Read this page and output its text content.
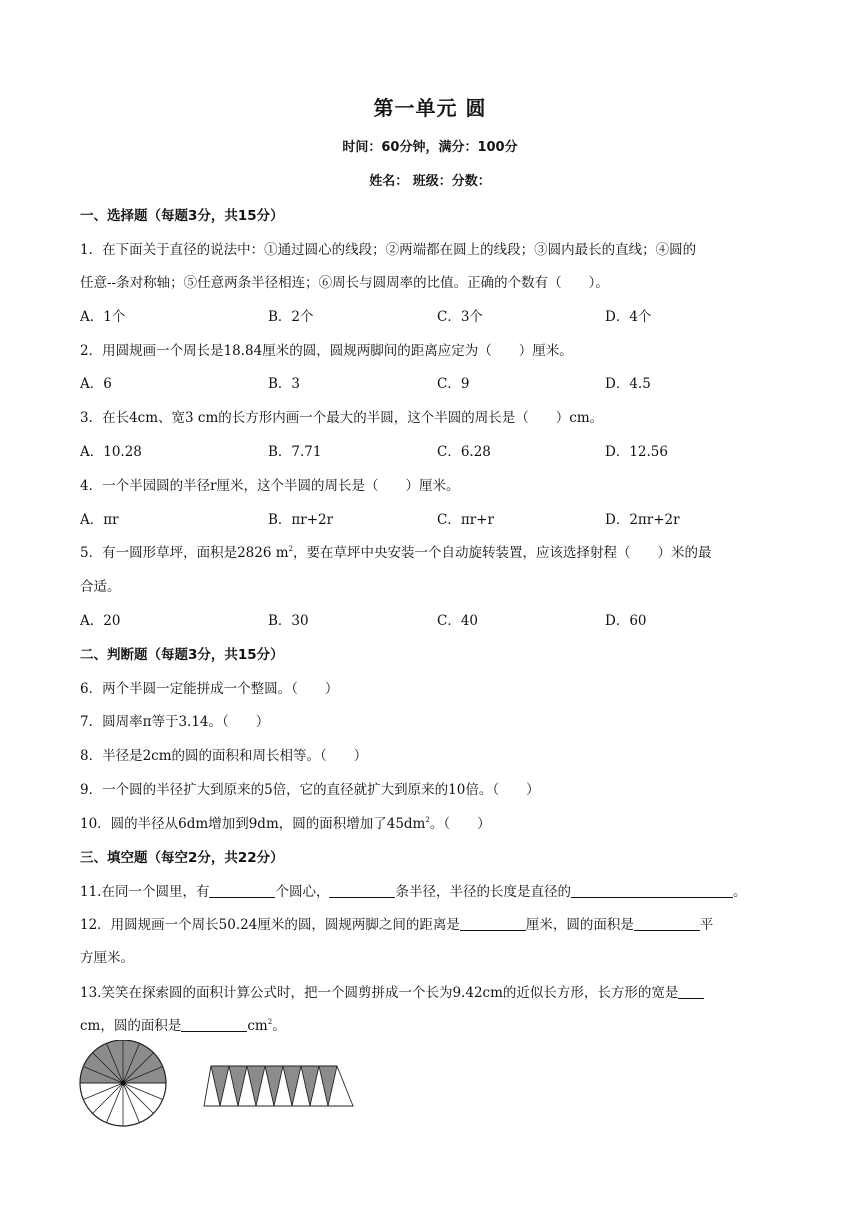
第一单元 圆
时间：60分钟，满分：100分
姓名： 班级：分数：
一、选择题（每题3分，共15分）
1．在下面关于直径的说法中：①通过圆心的线段；②两端都在圆上的线段；③圆内最长的直线；④圆的
任意--条对称轴；⑤任意两条半径相连；⑥周长与圆周率的比值。正确的个数有（　　）。
A．1个	B．2个	C．3个	D．4个
2．用圆规画一个周长是18.84厘米的圆，圆规两脚间的距离应定为（　　）厘米。
A．6	B．3	C．9	D．4.5
3．在长4cm、宽3 cm的长方形内画一个最大的半圆，这个半圆的周长是（　　）cm。
A．10.28	B．7.71	C．6.28	D．12.56
4．一个半园圆的半径r厘米，这个半圆的周长是（　　）厘米。
A．πr	B．πr+2r	C．πr+r	D．2πr+2r
5．有一圆形草坪，面积是2826 $m^2$，要在草坪中央安装一个自动旋转装置，应该选择射程（　　）米的最
合适。
A．20	B．30	C．40	D．60
二、判断题（每题3分，共15分）
6．两个半圆一定能拼成一个整圆。（　　）
7．圆周率π等于3.14。（　　）
8．半径是2cm的圆的面积和周长相等。（　　）
9．一个圆的半径扩大到原来的5倍，它的直径就扩大到原来的10倍。（　　）
10．圆的半径从6dm增加到9dm，圆的面积增加了$45dm^2$。（　　）
三、填空题（每空2分，共22分）
11.在同一个圆里，有	个圆心，	条半径，半径的长度是直径的	。
12．用圆规画一个周长50.24厘米的圆，圆规两脚之间的距离是	厘米，圆的面积是	平
方厘米。
13.笑笑在探索圆的面积计算公式时，把一个圆剪拼成一个长为9.42cm的近似长方形，长方形的宽是
cm，圆的面积是	$cm^2$。
